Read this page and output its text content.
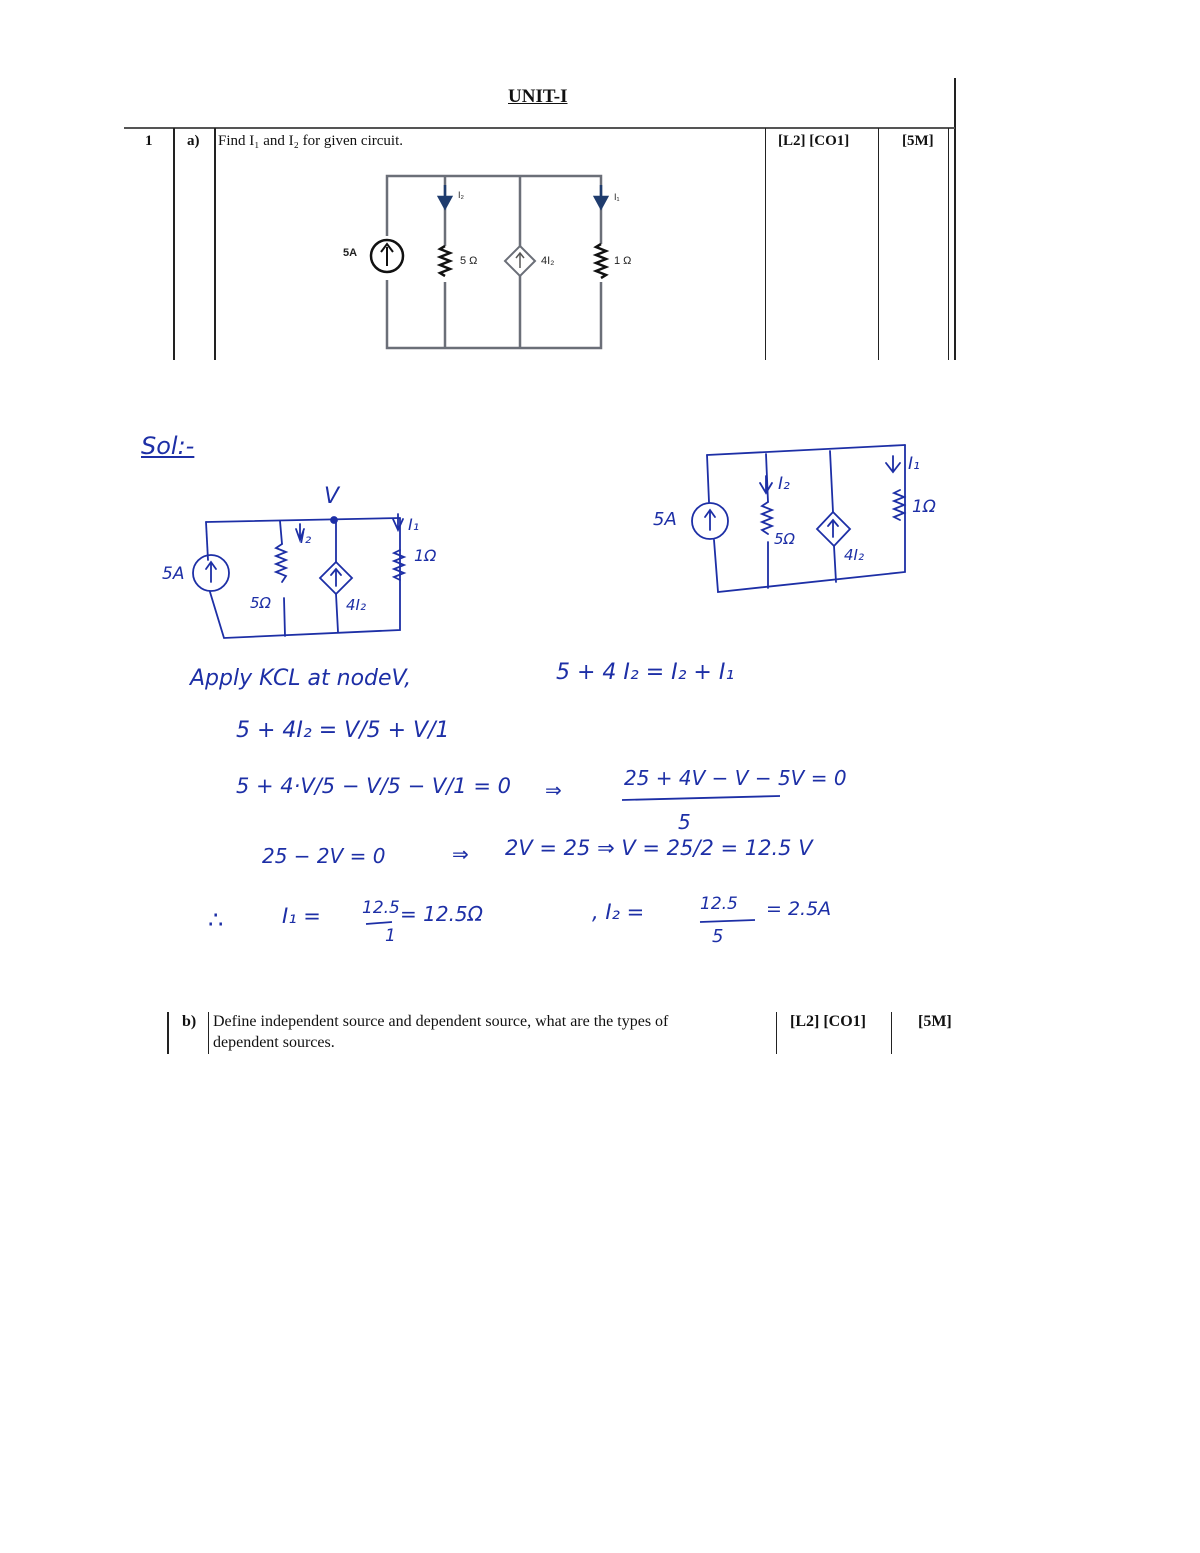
UNIT-I
1 a) Find I₁ and I₂ for given circuit.	[L2] [CO1]	[5M]
5A
I₂	I₁
5 Ω	4I₂	1 Ω
Sol:-
V
5A
I₂
I₁
5Ω	4I₂
1Ω
5A
I₂
I₁
5Ω
4I₂
1Ω
Apply KCL at nodeV,	5 + 4 I₂ = I₂ + I₁
5 + 4I₂ = V/5 + V/1
5 + 4·V/5 − V/5 − V/1 = 0 ⇒	25 + 4V − V − 5V = 0
5
25 − 2V = 0	⇒ 2V = 25 ⇒ V = 25/2 = 12.5 V
∴	I₁ = 12.5
1
= 12.5Ω	, I₂ =	12.5
5
= 2.5A
b) Define independent source and dependent source, what are the types of
dependent sources.
[L2] [CO1]	[5M]
